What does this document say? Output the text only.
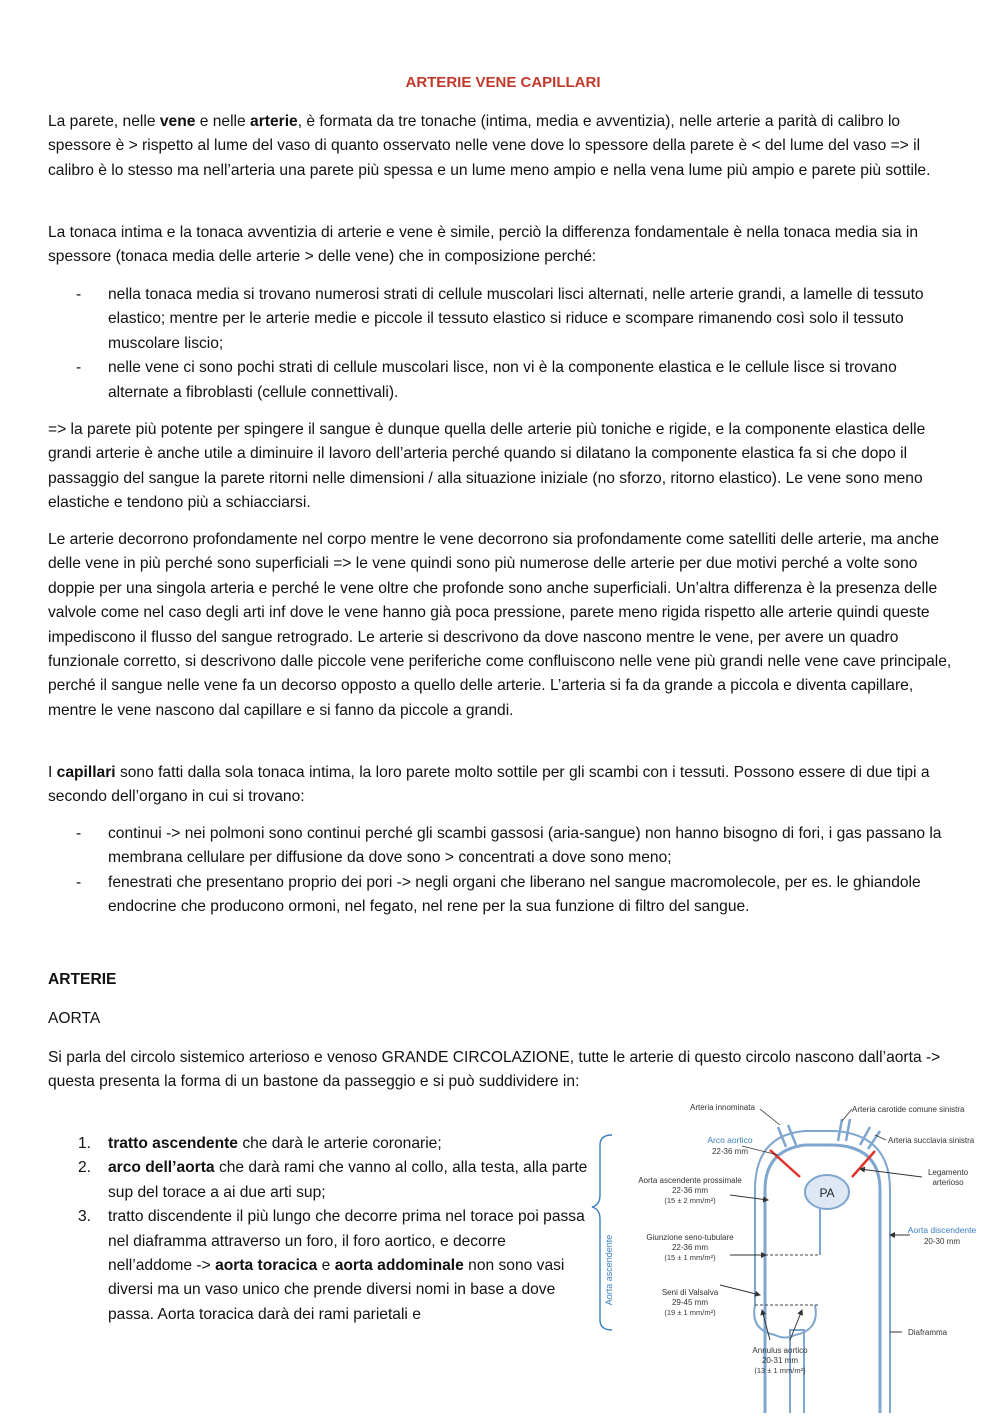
ARTERIE VENE CAPILLARI

La parete, nelle vene e nelle arterie, è formata da tre tonache (intima, media e avventizia), nelle arterie a parità di calibro lo spessore è > rispetto al lume del vaso di quanto osservato nelle vene dove lo spessore della parete è < del lume del vaso => il calibro è lo stesso ma nell’arteria una parete più spessa e un lume meno ampio e nella vena lume più ampio e parete più sottile.

La tonaca intima e la tonaca avventizia di arterie e vene è simile, perciò la differenza fondamentale è nella tonaca media sia in spessore (tonaca media delle arterie > delle vene) che in composizione perché:

- nella tonaca media si trovano numerosi strati di cellule muscolari lisci alternati, nelle arterie grandi, a lamelle di tessuto elastico; mentre per le arterie medie e piccole il tessuto elastico si riduce e scompare rimanendo così solo il tessuto muscolare liscio;
- nelle vene ci sono pochi strati di cellule muscolari lisce, non vi è la componente elastica e le cellule lisce si trovano alternate a fibroblasti (cellule connettivali).

=> la parete più potente per spingere il sangue è dunque quella delle arterie più toniche e rigide, e la componente elastica delle grandi arterie è anche utile a diminuire il lavoro dell’arteria perché quando si dilatano la componente elastica fa si che dopo il passaggio del sangue la parete ritorni nelle dimensioni / alla situazione iniziale (no sforzo, ritorno elastico). Le vene sono meno elastiche e tendono più a schiacciarsi.

Le arterie decorrono profondamente nel corpo mentre le vene decorrono sia profondamente come satelliti delle arterie, ma anche delle vene in più perché sono superficiali => le vene quindi sono più numerose delle arterie per due motivi perché a volte sono doppie per una singola arteria e perché le vene oltre che profonde sono anche superficiali. Un’altra differenza è la presenza delle valvole come nel caso degli arti inf dove le vene hanno già poca pressione, parete meno rigida rispetto alle arterie quindi queste impediscono il flusso del sangue retrogrado. Le arterie si descrivono da dove nascono mentre le vene, per avere un quadro funzionale corretto, si descrivono dalle piccole vene periferiche come confluiscono nelle vene più grandi nelle vene cave principale, perché il sangue nelle vene fa un decorso opposto a quello delle arterie. L’arteria si fa da grande a piccola e diventa capillare, mentre le vene nascono dal capillare e si fanno da piccole a grandi.

I capillari sono fatti dalla sola tonaca intima, la loro parete molto sottile per gli scambi con i tessuti. Possono essere di due tipi a secondo dell’organo in cui si trovano:

- continui -> nei polmoni sono continui perché gli scambi gassosi (aria-sangue) non hanno bisogno di fori, i gas passano la membrana cellulare per diffusione da dove sono > concentrati a dove sono meno;
- fenestrati che presentano proprio dei pori -> negli organi che liberano nel sangue macromolecole, per es. le ghiandole endocrine che producono ormoni, nel fegato, nel rene per la sua funzione di filtro del sangue.
ARTERIE
AORTA

Si parla del circolo sistemico arterioso e venoso GRANDE CIRCOLAZIONE, tutte le arterie di questo circolo nascono dall’aorta -> questa presenta la forma di un bastone da passeggio e si può suddividere in:

1. tratto ascendente che darà le arterie coronarie;
2. arco dell’aorta che darà rami che vanno al collo, alla testa, alla parte sup del torace a ai due arti sup;
3. tratto discendente il più lungo che decorre prima nel torace poi passa nel diaframma attraverso un foro, il foro aortico, e decorre nell’addome -> aorta toracica e aorta addominale non sono vasi diversi ma un vaso unico che prende diversi nomi in base a dove passa. Aorta toracica darà dei rami parietali e
Aorta ascendente
PA
Arteria innominata	Arteria carotide comune sinistra
Arteria succlavia sinistra
Arco aortico
22-36 mm
Legamento
arterioso
Aorta ascendente prossimale
22-36 mm
(15 ± 2 mm/m²)
Giunzione seno-tubulare
22-36 mm
(15 ± 1 mm/m²)
Aorta discendente
20-30 mm
Seni di Valsalva
29-45 mm
(19 ± 1 mm/m²)
Annulus aortico
20-31 mm
(13 ± 1 mm/m²)
Diaframma
